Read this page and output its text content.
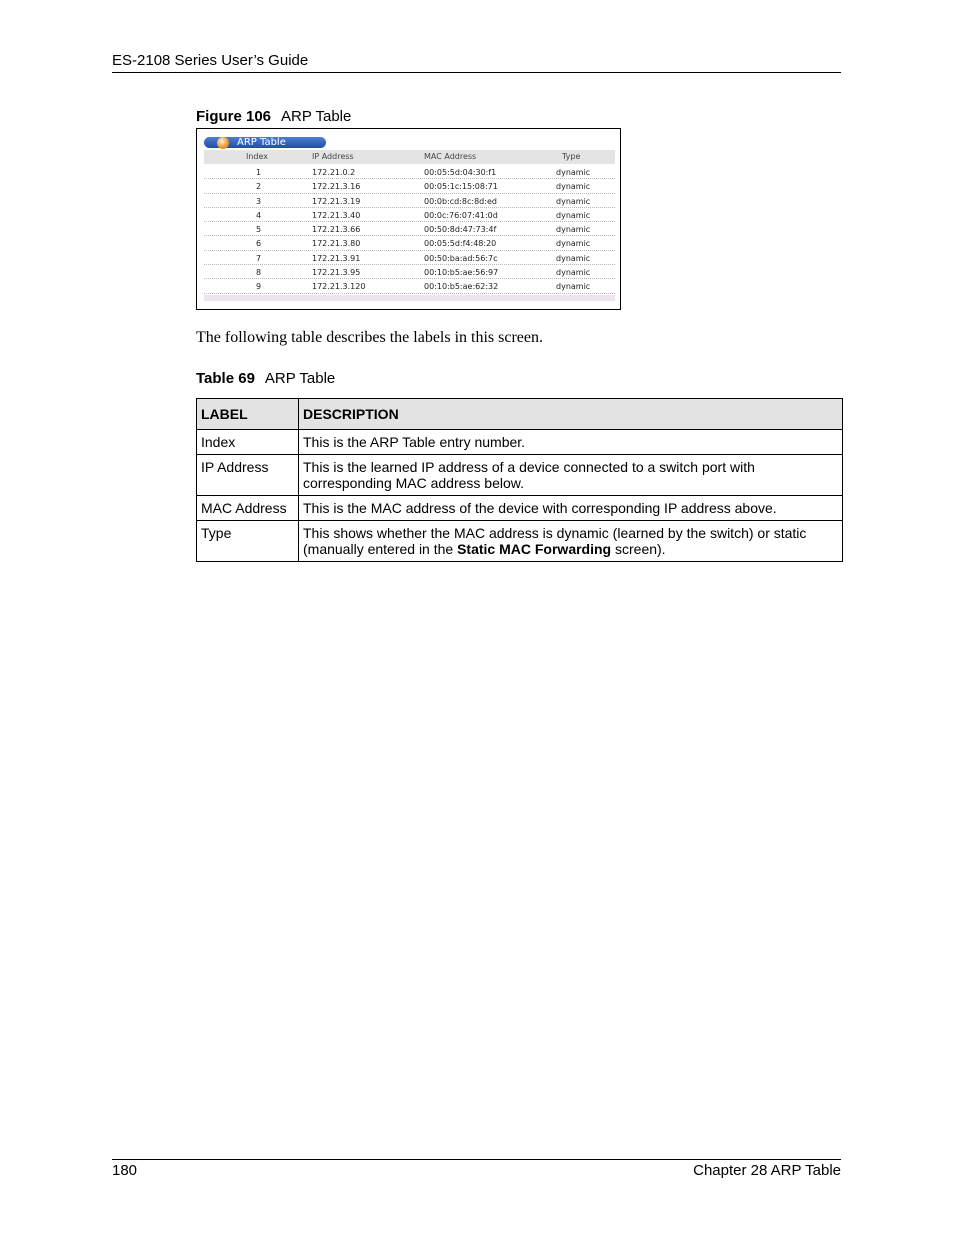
ES-2108 Series User’s Guide
Figure 106 ARP Table
ARP Table
Index	IP Address	MAC Address	Type
1	172.21.0.2	00:05:5d:04:30:f1	dynamic
2	172.21.3.16	00:05:1c:15:08:71	dynamic
3	172.21.3.19	00:0b:cd:8c:8d:ed	dynamic
4	172.21.3.40	00:0c:76:07:41:0d	dynamic
5	172.21.3.66	00:50:8d:47:73:4f	dynamic
6	172.21.3.80	00:05:5d:f4:48:20	dynamic
7	172.21.3.91	00:50:ba:ad:56:7c	dynamic
8	172.21.3.95	00:10:b5:ae:56:97	dynamic
9	172.21.3.120	00:10:b5:ae:62:32	dynamic
The following table describes the labels in this screen.
Table 69 ARP Table
LABEL	DESCRIPTION
Index	This is the ARP Table entry number.
IP Address	This is the learned IP address of a device connected to a switch port with corresponding MAC address below.
MAC Address	This is the MAC address of the device with corresponding IP address above.
Type	This shows whether the MAC address is dynamic (learned by the switch) or static (manually entered in the Static MAC Forwarding screen).
180	Chapter 28 ARP Table
